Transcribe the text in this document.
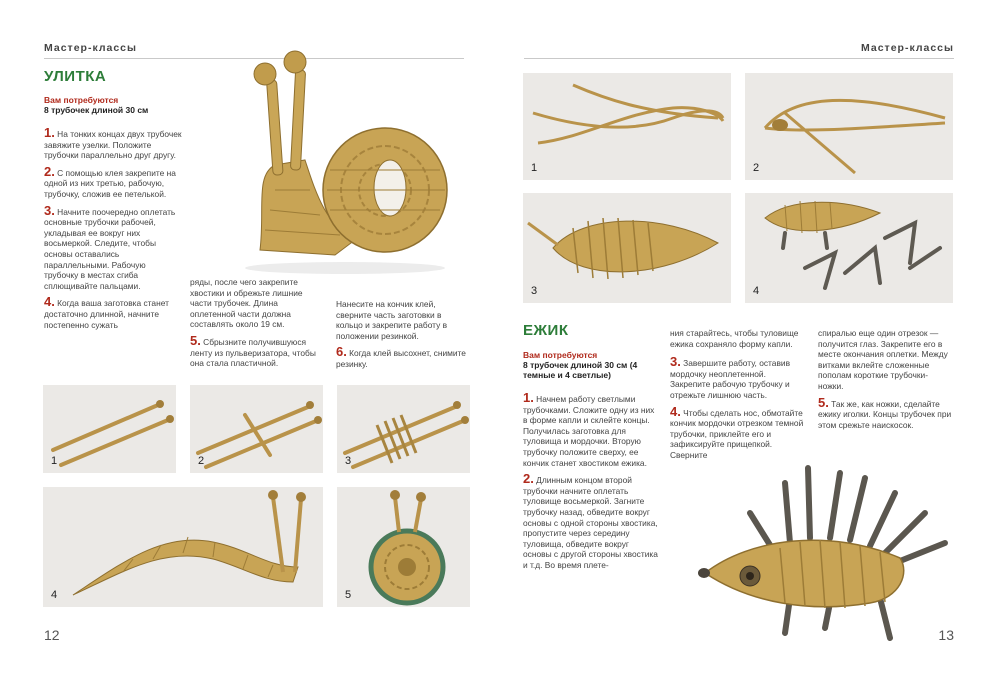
Мастер-классы
УЛИТКА
Вам потребуются
8 трубочек длиной 30 см

1. На тонких концах двух трубочек завяжите узелки. Положите трубочки параллельно друг другу.

2. С помощью клея закрепите на одной из них третью, рабочую, трубочку, сложив ее петелькой.

3. Начните поочередно оплетать основные трубочки рабочей, укладывая ее вокруг них восьмеркой. Следите, чтобы основы оставались параллельными. Рабочую трубочку в местах сгиба сплющивайте пальцами.

4. Когда ваша заготовка станет достаточно длинной, начните постепенно сужать

ряды, после чего закрепите хвостики и обрежьте лишние части трубочек. Длина оплетенной части должна составлять около 19 см.

5. Сбрызните получившуюся ленту из пульверизатора, чтобы она стала пластичной.

Нанесите на кончик клей, сверните часть заготовки в кольцо и закрепите работу в положении резинкой.

6. Когда клей высохнет, снимите резинку.

1	2	3
4	5
12
Мастер-классы
1	2
3	4
ЕЖИК
Вам потребуются
8 трубочек длиной 30 см (4 темные и 4 светлые)

1. Начнем работу светлыми трубочками. Сложите одну из них в форме капли и склейте концы. Получилась заготовка для туловища и мордочки. Вторую трубочку положите сверху, ее кончик станет хвостиком ежика.

2. Длинным концом второй трубочки начните оплетать туловище восьмеркой. Загните трубочку назад, обведите вокруг основы с одной стороны хвостика, пропустите через середину туловища, обведите вокруг основы с другой стороны хвостика и т.д. Во время плете-

ния старайтесь, чтобы туловище ежика сохраняло форму капли.

3. Завершите работу, оставив мордочку неоплетенной. Закрепите рабочую трубочку и отрежьте лишнюю часть.

4. Чтобы сделать нос, обмотайте кончик мордочки отрезком темной трубочки, приклейте его и зафиксируйте прищепкой. Сверните

спиралью еще один отрезок — получится глаз. Закрепите его в месте окончания оплетки. Между витками вклейте сложенные пополам короткие трубочки-ножки.

5. Так же, как ножки, сделайте ежику иголки. Концы трубочек при этом срежьте наискосок.

13
